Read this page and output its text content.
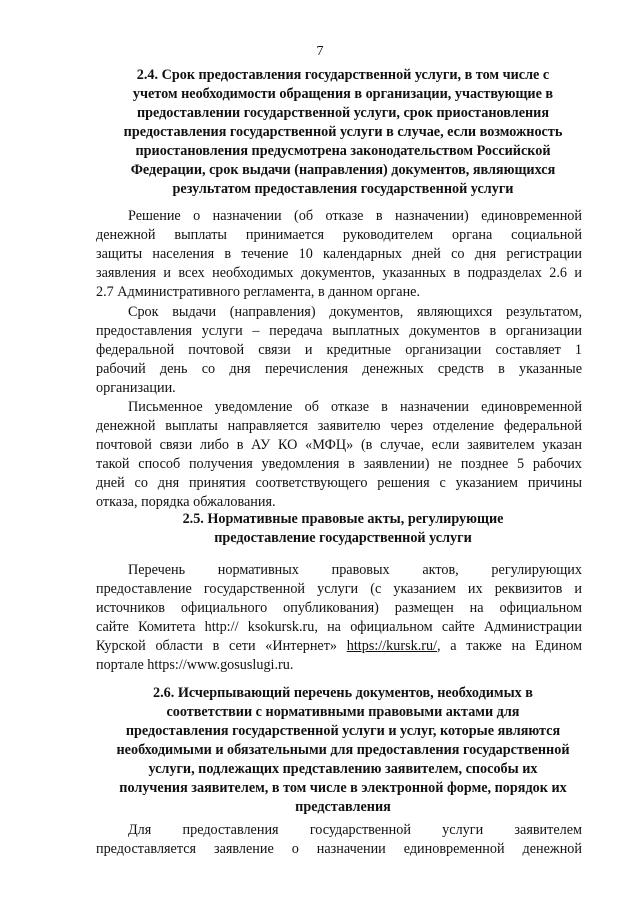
7
2.4. Срок предоставления государственной услуги, в том числе с
учетом необходимости обращения в организации, участвующие в
предоставлении государственной услуги, срок приостановления
предоставления государственной услуги в случае, если возможность
приостановления предусмотрена законодательством Российской
Федерации, срок выдачи (направления) документов, являющихся
результатом предоставления государственной услуги
Решение о назначении (об отказе в назначении) единовременной
денежной выплаты принимается руководителем органа социальной
защиты населения в течение 10 календарных дней со дня регистрации
заявления и всех необходимых документов, указанных в подразделах 2.6 и
2.7 Административного регламента, в данном органе.
Срок выдачи (направления) документов, являющихся результатом,
предоставления услуги – передача выплатных документов в организации
федеральной почтовой связи и кредитные организации составляет 1
рабочий день со дня перечисления денежных средств в указанные
организации.
Письменное уведомление об отказе в назначении единовременной
денежной выплаты направляется заявителю через отделение федеральной
почтовой связи либо в АУ КО «МФЦ» (в случае, если заявителем указан
такой способ получения уведомления в заявлении) не позднее 5 рабочих
дней со дня принятия соответствующего решения с указанием причины
отказа, порядка обжалования.
2.5. Нормативные правовые акты, регулирующие
предоставление государственной услуги
Перечень нормативных правовых актов, регулирующих
предоставление государственной услуги (с указанием их реквизитов и
источников официального опубликования) размещен на официальном
сайте Комитета http:// ksokursk.ru, на официальном сайте Администрации
Курской области в сети «Интернет» https://kursk.ru/, а также на Едином
портале https://www.gosuslugi.ru.
2.6. Исчерпывающий перечень документов, необходимых в
соответствии с нормативными правовыми актами для
предоставления государственной услуги и услуг, которые являются
необходимыми и обязательными для предоставления государственной
услуги, подлежащих представлению заявителем, способы их
получения заявителем, в том числе в электронной форме, порядок их
представления
Для предоставления государственной услуги заявителем
предоставляется заявление о назначении единовременной денежной
